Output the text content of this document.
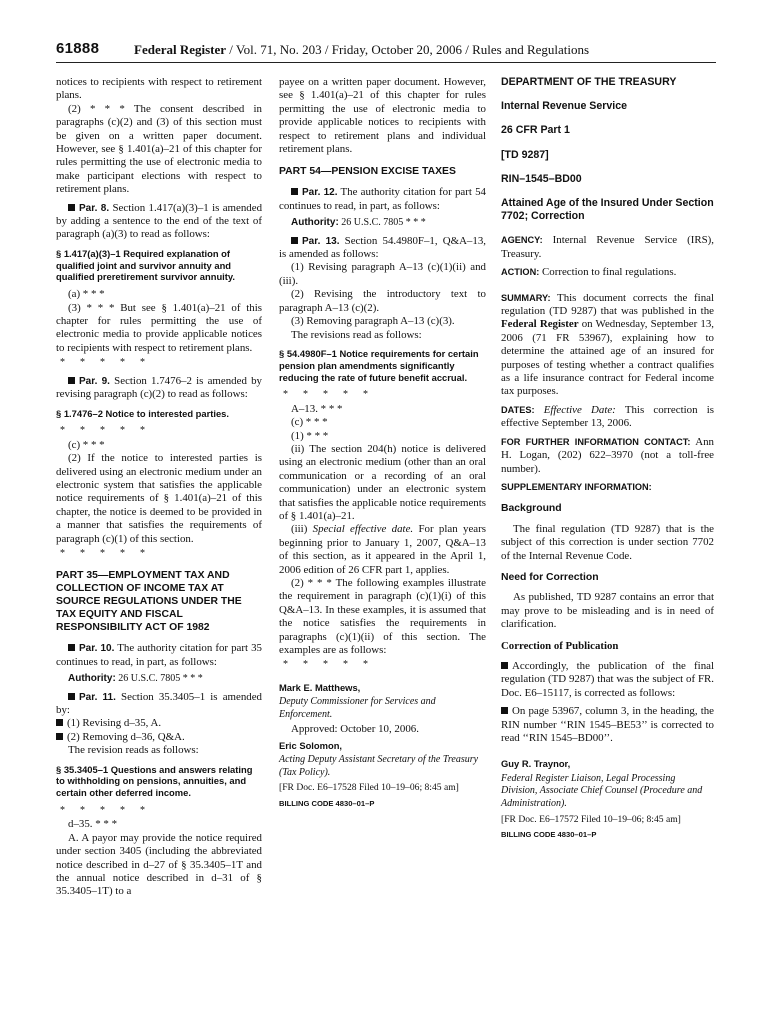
61888	Federal Register / Vol. 71, No. 203 / Friday, October 20, 2006 / Rules and Regulations

notices to recipients with respect to retirement plans.

(2) * * * The consent described in paragraphs (c)(2) and (3) of this section must be given on a written paper document. However, see § 1.401(a)–21 of this chapter for rules permitting the use of electronic media to make participant elections with respect to retirement plans.

Par. 8. Section 1.417(a)(3)–1 is amended by adding a sentence to the end of the text of paragraph (a)(3) to read as follows:

§ 1.417(a)(3)–1 Required explanation of qualified joint and survivor annuity and qualified preretirement survivor annuity.

(a) * * *

(3) * * * But see § 1.401(a)–21 of this chapter for rules permitting the use of electronic media to provide applicable notices to recipients with respect to retirement plans.

*      *      *      *      *

Par. 9. Section 1.7476–2 is amended by revising paragraph (c)(2) to read as follows:

§ 1.7476–2 Notice to interested parties.
*      *      *      *      *

(c) * * *

(2) If the notice to interested parties is delivered using an electronic medium under an electronic system that satisfies the applicable notice requirements of § 1.401(a)–21 of this chapter, the notice is deemed to be provided in a manner that satisfies the requirements of paragraph (c)(1) of this section.

*      *      *      *      *
PART 35—EMPLOYMENT TAX AND COLLECTION OF INCOME TAX AT SOURCE REGULATIONS UNDER THE TAX EQUITY AND FISCAL RESPONSIBILITY ACT OF 1982

Par. 10. The authority citation for part 35 continues to read, in part, as follows:

Authority: 26 U.S.C. 7805 * * *

Par. 11. Section 35.3405–1 is amended by:

(1) Revising d–35, A.

(2) Removing d–36, Q&A.

The revision reads as follows:

§ 35.3405–1 Questions and answers relating to withholding on pensions, annuities, and certain other deferred income.
*      *      *      *      *

d–35. * * *

A. A payor may provide the notice required under section 3405 (including the abbreviated notice described in d–27 of § 35.3405–1T and the annual notice described in d–31 of § 35.3405–1T) to a

payee on a written paper document. However, see § 1.401(a)–21 of this chapter for rules permitting the use of electronic media to provide applicable notices to recipients with respect to retirement plans and individual retirement plans.

PART 54—PENSION EXCISE TAXES

Par. 12. The authority citation for part 54 continues to read, in part, as follows:

Authority: 26 U.S.C. 7805 * * *

Par. 13. Section 54.4980F–1, Q&A–13, is amended as follows:

(1) Revising paragraph A–13 (c)(1)(ii) and (iii).

(2) Revising the introductory text to paragraph A–13 (c)(2).

(3) Removing paragraph A–13 (c)(3).

The revisions read as follows:

§ 54.4980F–1 Notice requirements for certain pension plan amendments significantly reducing the rate of future benefit accrual.
*      *      *      *      *

A–13. * * *

(c) * * *

(1) * * *

(ii) The section 204(h) notice is delivered using an electronic medium (other than an oral communication or a recording of an oral communication) under an electronic system that satisfies the applicable notice requirements of § 1.401(a)–21.

(iii) Special effective date. For plan years beginning prior to January 1, 2007, Q&A–13 of this section, as it appeared in the April 1, 2006 edition of 26 CFR part 1, applies.

(2) * * * The following examples illustrate the requirement in paragraph (c)(1)(i) of this Q&A–13. In these examples, it is assumed that the notice satisfies the requirements in paragraphs (c)(1)(ii) of this section. The examples are as follows:

*      *      *      *      *
Mark E. Matthews,
Deputy Commissioner for Services and Enforcement.

Approved: October 10, 2006.

Eric Solomon,
Acting Deputy Assistant Secretary of the Treasury (Tax Policy).
[FR Doc. E6–17528 Filed 10–19–06; 8:45 am]
BILLING CODE 4830–01–P
DEPARTMENT OF THE TREASURY
Internal Revenue Service
26 CFR Part 1
[TD 9287]
RIN–1545–BD00
Attained Age of the Insured Under Section 7702; Correction

AGENCY: Internal Revenue Service (IRS), Treasury.

ACTION: Correction to final regulations.

SUMMARY: This document corrects the final regulation (TD 9287) that was published in the Federal Register on Wednesday, September 13, 2006 (71 FR 53967), explaining how to determine the attained age of an insured for purposes of testing whether a contract qualifies as a life insurance contract for Federal income tax purposes.

DATES: Effective Date: This correction is effective September 13, 2006.

FOR FURTHER INFORMATION CONTACT: Ann H. Logan, (202) 622–3970 (not a toll-free number).

SUPPLEMENTARY INFORMATION:

Background

The final regulation (TD 9287) that is the subject of this correction is under section 7702 of the Internal Revenue Code.

Need for Correction

As published, TD 9287 contains an error that may prove to be misleading and is in need of clarification.

Correction of Publication

Accordingly, the publication of the final regulation (TD 9287) that was the subject of FR. Doc. E6–15117, is corrected as follows:

On page 53967, column 3, in the heading, the RIN number ‘‘RIN 1545–BE53’’ is corrected to read ‘‘RIN 1545–BD00’’.

Guy R. Traynor,
Federal Register Liaison, Legal Processing Division, Associate Chief Counsel (Procedure and Administration).
[FR Doc. E6–17572 Filed 10–19–06; 8:45 am]
BILLING CODE 4830–01–P
